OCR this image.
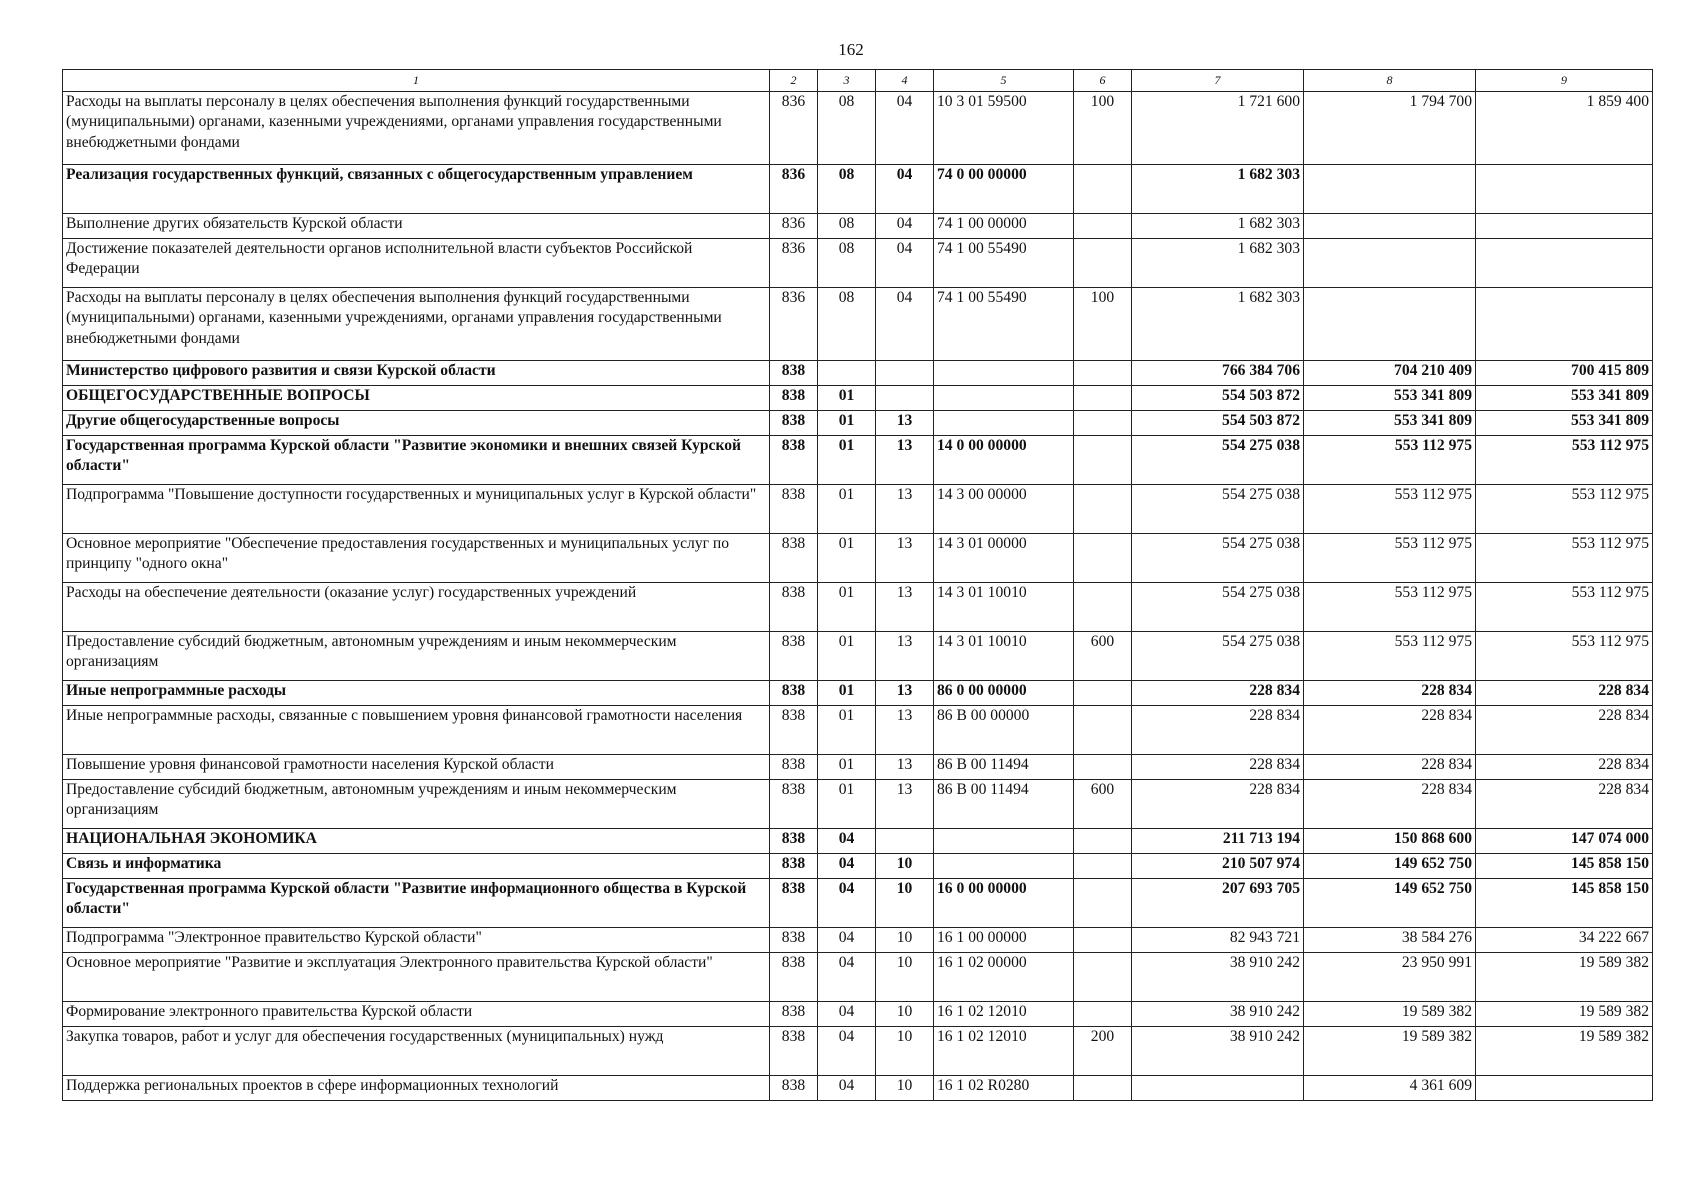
162
1	2	3	4	5	6	7	8	9
Расходы на выплаты персоналу в целях обеспечения выполнения функций государственными (муниципальными) органами, казенными учреждениями, органами управления государственными внебюджетными фондами	836	08	04	10 3 01 59500	100	1 721 600	1 794 700	1 859 400
Реализация государственных функций, связанных с общегосударственным управлением	836	08	04	74 0 00 00000		1 682 303		
Выполнение других обязательств Курской области	836	08	04	74 1 00 00000		1 682 303		
Достижение показателей деятельности органов исполнительной власти субъектов Российской Федерации	836	08	04	74 1 00 55490		1 682 303		
Расходы на выплаты персоналу в целях обеспечения выполнения функций государственными (муниципальными) органами, казенными учреждениями, органами управления государственными внебюджетными фондами	836	08	04	74 1 00 55490	100	1 682 303		
Министерство цифрового развития и связи Курской области	838					766 384 706	704 210 409	700 415 809
ОБЩЕГОСУДАРСТВЕННЫЕ ВОПРОСЫ	838	01				554 503 872	553 341 809	553 341 809
Другие общегосударственные вопросы	838	01	13			554 503 872	553 341 809	553 341 809
Государственная программа Курской области "Развитие экономики и внешних связей Курской области"	838	01	13	14 0 00 00000		554 275 038	553 112 975	553 112 975
Подпрограмма "Повышение доступности государственных и муниципальных услуг в Курской области"	838	01	13	14 3 00 00000		554 275 038	553 112 975	553 112 975
Основное мероприятие "Обеспечение предоставления государственных и муниципальных услуг по принципу "одного окна"	838	01	13	14 3 01 00000		554 275 038	553 112 975	553 112 975
Расходы на обеспечение деятельности (оказание услуг) государственных учреждений	838	01	13	14 3 01 10010		554 275 038	553 112 975	553 112 975
Предоставление субсидий бюджетным, автономным учреждениям и иным некоммерческим организациям	838	01	13	14 3 01 10010	600	554 275 038	553 112 975	553 112 975
Иные непрограммные расходы	838	01	13	86 0 00 00000		228 834	228 834	228 834
Иные непрограммные расходы, связанные с повышением уровня финансовой грамотности населения	838	01	13	86 В 00 00000		228 834	228 834	228 834
Повышение уровня финансовой грамотности населения Курской области	838	01	13	86 В 00 11494		228 834	228 834	228 834
Предоставление субсидий бюджетным, автономным учреждениям и иным некоммерческим организациям	838	01	13	86 В 00 11494	600	228 834	228 834	228 834
НАЦИОНАЛЬНАЯ ЭКОНОМИКА	838	04				211 713 194	150 868 600	147 074 000
Связь и информатика	838	04	10			210 507 974	149 652 750	145 858 150
Государственная программа Курской области "Развитие информационного общества в Курской области"	838	04	10	16 0 00 00000		207 693 705	149 652 750	145 858 150
Подпрограмма "Электронное правительство Курской области"	838	04	10	16 1 00 00000		82 943 721	38 584 276	34 222 667
Основное мероприятие "Развитие и эксплуатация Электронного правительства Курской области"	838	04	10	16 1 02 00000		38 910 242	23 950 991	19 589 382
Формирование электронного правительства Курской области	838	04	10	16 1 02 12010		38 910 242	19 589 382	19 589 382
Закупка товаров, работ и услуг для обеспечения государственных (муниципальных) нужд	838	04	10	16 1 02 12010	200	38 910 242	19 589 382	19 589 382
Поддержка региональных проектов в сфере информационных технологий	838	04	10	16 1 02 R0280			4 361 609	
